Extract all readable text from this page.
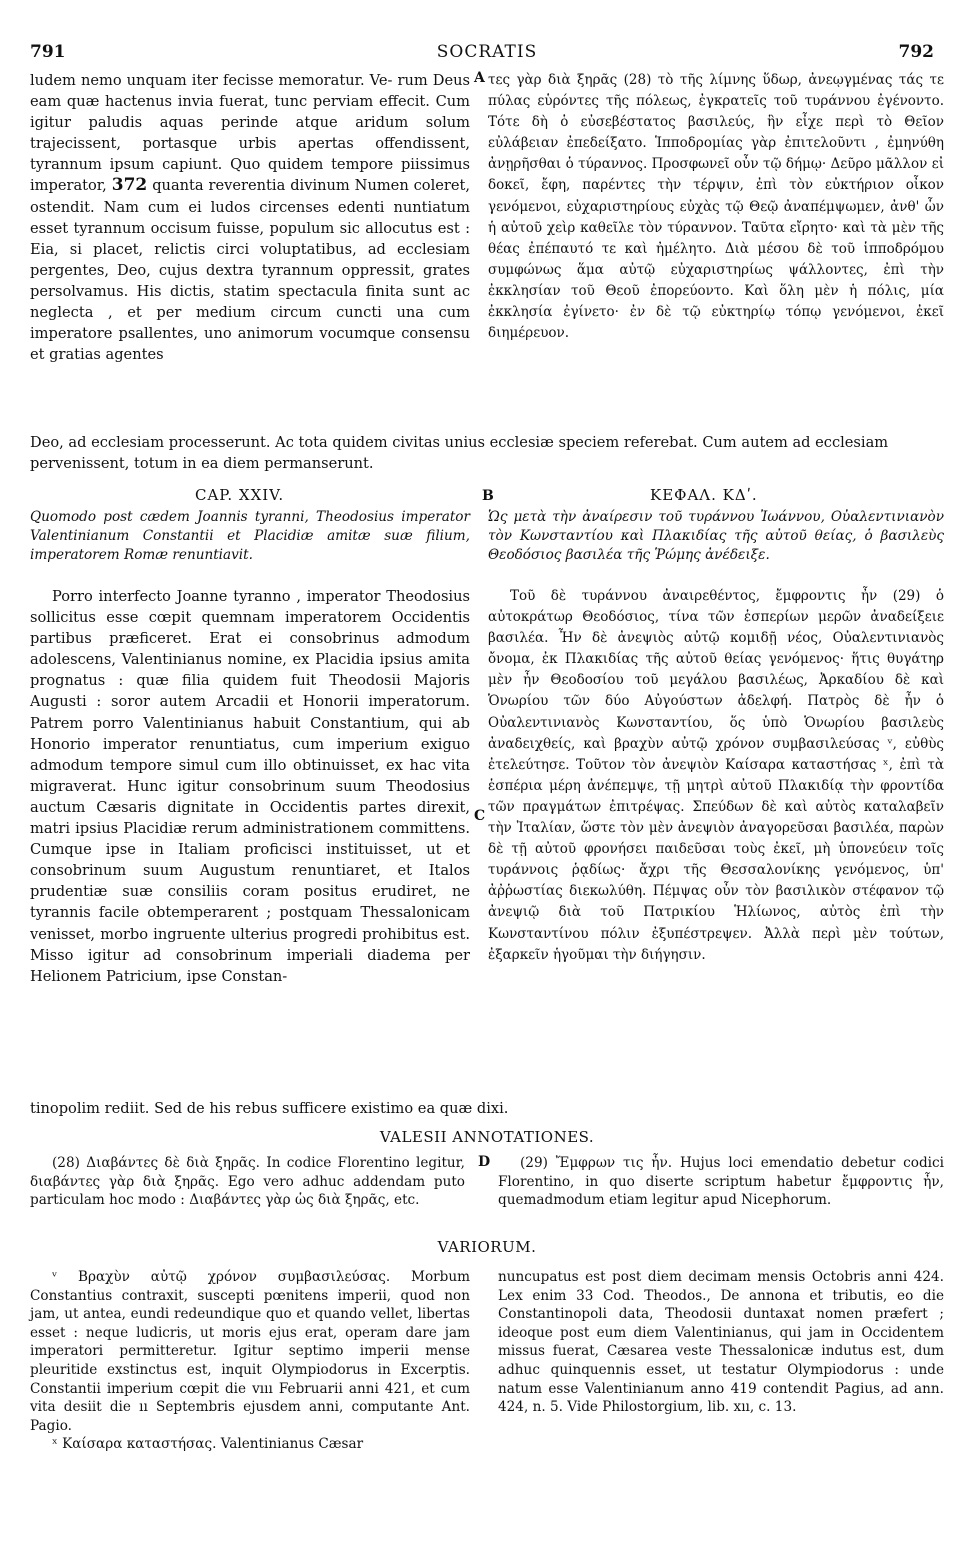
791	SOCRATIS	792

ludem nemo unquam iter fecisse memoratur. Ve- rum Deus eam quæ hactenus invia fuerat, tunc perviam effecit. Cum igitur paludis aquas perinde atque aridum solum trajecissent, portasque urbis apertas offendissent, tyrannum ipsum capiunt. Quo quidem tempore piissimus imperator, 372 quanta reverentia divinum Numen coleret, ostendit. Nam cum ei ludos circenses edenti nuntiatum esset tyrannum occisum fuisse, populum sic allocutus est : Eia, si placet, relictis circi voluptatibus, ad ecclesiam pergentes, Deo, cujus dextra tyrannum oppressit, grates persolvamus. His dictis, statim spectacula finita sunt ac neglecta , et per medium circum cuncti una cum imperatore psallentes, uno animorum vocumque consensu et gratias agentes

A τες γὰρ διὰ ξηρᾶς (28) τὸ τῆς λίμνης ὕδωρ, ἀνεῳγμένας τάς τε πύλας εὑρόντες τῆς πόλεως, ἐγκρατεῖς τοῦ τυράννου ἐγένοντο. Τότε δὴ ὁ εὐσεβέστατος βασιλεύς, ἣν εἶχε περὶ τὸ Θεῖον εὐλάβειαν ἐπεδείξατο. Ἱπποδρομίας γὰρ ἐπιτελοῦντι , ἐμηνύθη ἀνῃρῆσθαι ὁ τύραννος. Προσφωνεῖ οὖν τῷ δήμῳ· Δεῦρο μᾶλλον εἰ δοκεῖ, ἔφη, παρέντες τὴν τέρψιν, ἐπὶ τὸν εὐκτήριον οἶκον γενόμενοι, εὐχαριστηρίους εὐχὰς τῷ Θεῷ ἀναπέμψωμεν, ἀνθ' ὧν ἡ αὐτοῦ χεὶρ καθεῖλε τὸν τύραννον. Ταῦτα εἴρητο· καὶ τὰ μὲν τῆς θέας ἐπέπαυτό τε καὶ ἠμέλητο. Διὰ μέσου δὲ τοῦ ἱπποδρόμου συμφώνως ἅμα αὐτῷ εὐχαριστηρίως ψάλλοντες, ἐπὶ τὴν ἐκκλησίαν τοῦ Θεοῦ ἐπορεύοντο. Καὶ ὅλη μὲν ἡ πόλις, μία ἐκκλησία ἐγίνετο· ἐν δὲ τῷ εὐκτηρίῳ τόπῳ γενόμενοι, ἐκεῖ διημέρευον.

Deo, ad ecclesiam processerunt. Ac tota quidem civitas unius ecclesiæ speciem referebat. Cum autem ad ecclesiam pervenissent, totum in ea diem permanserunt.

CAP. XXIV.	B	ΚΕΦΑΛ. ΚΔʹ.
Quomodo post cædem Joannis tyranni, Theodosius imperator Valentinianum Constantii et Placidiæ amitæ suæ filium, imperatorem Romæ renuntiavit.
Ὡς μετὰ τὴν ἀναίρεσιν τοῦ τυράννου Ἰωάννου, Οὐαλεντινιανὸν τὸν Κωνσταντίου καὶ Πλακιδίας τῆς αὐτοῦ θείας, ὁ βασιλεὺς Θεοδόσιος βασιλέα τῆς Ῥώμης ἀνέδειξε.

Porro interfecto Joanne tyranno , imperator Theodosius sollicitus esse cœpit quemnam imperatorem Occidentis partibus præficeret. Erat ei consobrinus admodum adolescens, Valentinianus nomine, ex Placidia ipsius amita prognatus : quæ filia quidem fuit Theodosii Majoris Augusti : soror autem Arcadii et Honorii imperatorum. Patrem porro Valentinianus habuit Constantium, qui ab Honorio imperator renuntiatus, cum imperium exiguo admodum tempore simul cum illo obtinuisset, ex hac vita migraverat. Hunc igitur consobrinum suum Theodosius auctum Cæsaris dignitate in Occidentis partes direxit, matri ipsius Placidiæ rerum administrationem committens. Cumque ipse in Italiam proficisci instituisset, ut et consobrinum suum Augustum renuntiaret, et Italos prudentiæ suæ consiliis coram positus erudiret, ne tyrannis facile obtemperarent ; postquam Thessalonicam venisset, morbo ingruente ulterius progredi prohibitus est. Misso igitur ad consobrinum imperiali diadema per Helionem Patricium, ipse Constan-

C

Τοῦ δὲ τυράννου ἀναιρεθέντος, ἔμφροντις ἦν (29) ὁ αὐτοκράτωρ Θεοδόσιος, τίνα τῶν ἑσπερίων μερῶν ἀναδείξειε βασιλέα. Ἦν δὲ ἀνεψιὸς αὐτῷ κομιδῇ νέος, Οὐαλεντινιανὸς ὄνομα, ἐκ Πλακιδίας τῆς αὐτοῦ θείας γενόμενος· ἥτις θυγάτηρ μὲν ἦν Θεοδοσίου τοῦ μεγάλου βασιλέως, Ἀρκαδίου δὲ καὶ Ὁνωρίου τῶν δύο Αὐγούστων ἀδελφή. Πατρὸς δὲ ἦν ὁ Οὐαλεντινιανὸς Κωνσταντίου, ὅς ὑπὸ Ὁνωρίου βασιλεὺς ἀναδειχθείς, καὶ βραχὺν αὐτῷ χρόνον συμβασιλεύσας ᵛ, εὐθὺς ἐτελεύτησε. Τοῦτον τὸν ἀνεψιὸν Καίσαρα καταστήσας ˣ, ἐπὶ τὰ ἑσπέρια μέρη ἀνέπεμψε, τῇ μητρὶ αὐτοῦ Πλακιδίᾳ τὴν φροντίδα τῶν πραγμάτων ἐπιτρέψας. Σπεύδων δὲ καὶ αὐτὸς καταλαβεῖν τὴν Ἰταλίαν, ὥστε τὸν μὲν ἀνεψιὸν ἀναγορεῦσαι βασιλέα, παρὼν δὲ τῇ αὐτοῦ φρονήσει παιδεῦσαι τοὺς ἐκεῖ, μὴ ὑπονεύειν τοῖς τυράννοις ῥᾳδίως· ἄχρι τῆς Θεσσαλονίκης γενόμενος, ὑπ' ἀῤῥωστίας διεκωλύθη. Πέμψας οὖν τὸν βασιλικὸν στέφανον τῷ ἀνεψιῷ διὰ τοῦ Πατρικίου Ἡλίωνος, αὐτὸς ἐπὶ τὴν Κωνσταντίνου πόλιν ἐξυπέστρεψεν. Ἀλλὰ περὶ μὲν τούτων, ἐξαρκεῖν ἡγοῦμαι τὴν διήγησιν.

tinopolim rediit. Sed de his rebus sufficere existimo ea quæ dixi.

VALESII ANNOTATIONES.

(28) Διαβάντες δὲ διὰ ξηρᾶς. In codice Florentino legitur, διαβάντες γὰρ διὰ ξηρᾶς. Ego vero adhuc addendam puto particulam hoc modo : Διαβάντες γὰρ ὡς διὰ ξηρᾶς, etc.

D	(29) Ἔμφρων τις ἦν. Hujus loci emendatio debetur codici Florentino, in quo diserte scriptum habetur ἔμφροντις ἦν, quemadmodum etiam legitur apud Nicephorum.

VARIORUM.

ᵛ Βραχὺν αὐτῷ χρόνον συμβασιλεύσας. Morbum Constantius contraxit, suscepti pœnitens imperii, quod non jam, ut antea, eundi redeundique quo et quando vellet, libertas esset : neque ludicris, ut moris ejus erat, operam dare jam imperatori permitteretur. Igitur septimo imperii mense pleuritide exstinctus est, inquit Olympiodorus in Excerptis. Constantii imperium cœpit die vııı Februarii anni 421, et cum vita desiit die ıı Septembris ejusdem anni, computante Ant. Pagio.

ˣ Καίσαρα καταστήσας. Valentinianus Cæsar

nuncupatus est post diem decimam mensis Octobris anni 424. Lex enim 33 Cod. Theodos., De annona et tributis, eo die Constantinopoli data, Theodosii duntaxat nomen præfert ; ideoque post eum diem Valentinianus, qui jam in Occidentem missus fuerat, Cæsarea veste Thessalonicæ indutus est, dum adhuc quinquennis esset, ut testatur Olympiodorus : unde natum esse Valentinianum anno 419 contendit Pagius, ad ann. 424, n. 5. Vide Philostorgium, lib. xıı, c. 13.
